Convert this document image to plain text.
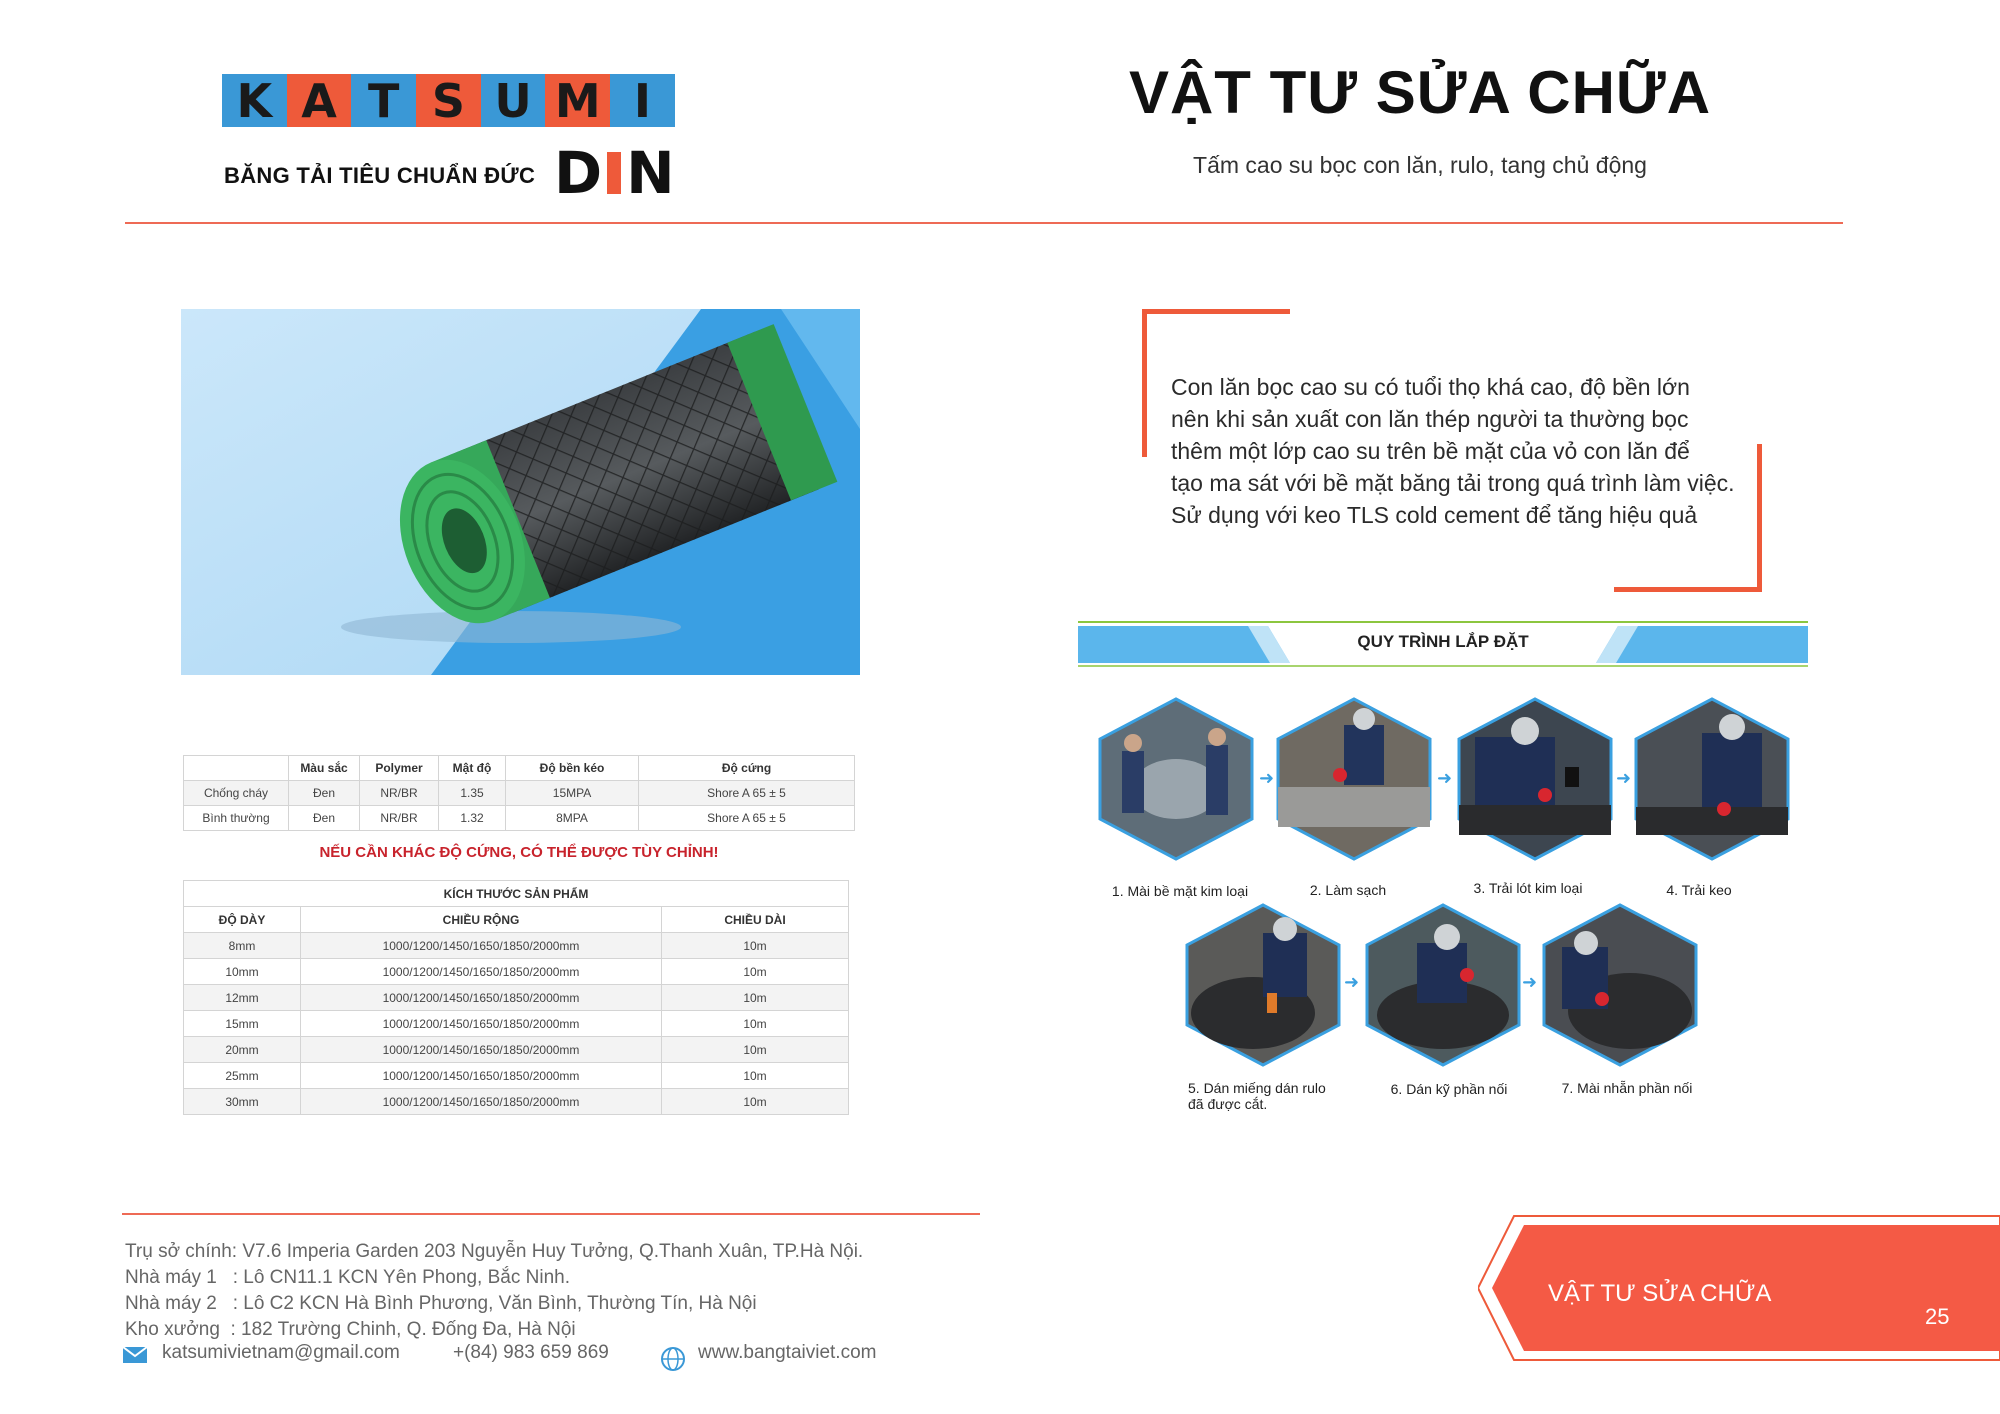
K A T S U M I
BĂNG TẢI TIÊU CHUẨN ĐỨC D N
VẬT TƯ SỬA CHỮA
Tấm cao su bọc con lăn, rulo, tang chủ động
	Màu sắc	Polymer	Mật độ	Độ bền kéo	Độ cứng
Chống cháy	Đen	NR/BR	1.35	15MPA	Shore A 65 ± 5
Bình thường	Đen	NR/BR	1.32	8MPA	Shore A 65 ± 5
NẾU CẦN KHÁC ĐỘ CỨNG, CÓ THỂ ĐƯỢC TÙY CHỈNH!
KÍCH THƯỚC SẢN PHẨM		
ĐỘ DÀY	CHIỀU RỘNG	CHIỀU DÀI
8mm	1000/1200/1450/1650/1850/2000mm	10m
10mm	1000/1200/1450/1650/1850/2000mm	10m
12mm	1000/1200/1450/1650/1850/2000mm	10m
15mm	1000/1200/1450/1650/1850/2000mm	10m
20mm	1000/1200/1450/1650/1850/2000mm	10m
25mm	1000/1200/1450/1650/1850/2000mm	10m
30mm	1000/1200/1450/1650/1850/2000mm	10m
Con lăn bọc cao su có tuổi thọ khá cao, độ bền lớn
nên khi sản xuất con lăn thép người ta thường bọc
thêm một lớp cao su trên bề mặt của vỏ con lăn để
tạo ma sát với bề mặt băng tải trong quá trình làm việc.
Sử dụng với keo TLS cold cement để tăng hiệu quả
QUY TRÌNH LẮP ĐẶT
➜	➜	➜
1. Mài bề mặt kim loại	2. Làm sạch	3. Trải lót kim loại	4. Trải keo
➜	➜
5. Dán miếng dán rulo
đã được cắt.
6. Dán kỹ phần nối	7. Mài nhẵn phần nối
Trụ sở chính: V7.6 Imperia Garden 203 Nguyễn Huy Tưởng, Q.Thanh Xuân, TP.Hà Nội.
Nhà máy 1   : Lô CN11.1 KCN Yên Phong, Bắc Ninh.
Nhà máy 2   : Lô C2 KCN Hà Bình Phương, Văn Bình, Thường Tín, Hà Nội
Kho xưởng  : 182 Trường Chinh, Q. Đống Đa, Hà Nội
katsumivietnam@gmail.com	+(84) 983 659 869	www.bangtaiviet.com
VẬT TƯ SỬA CHỮA
25
